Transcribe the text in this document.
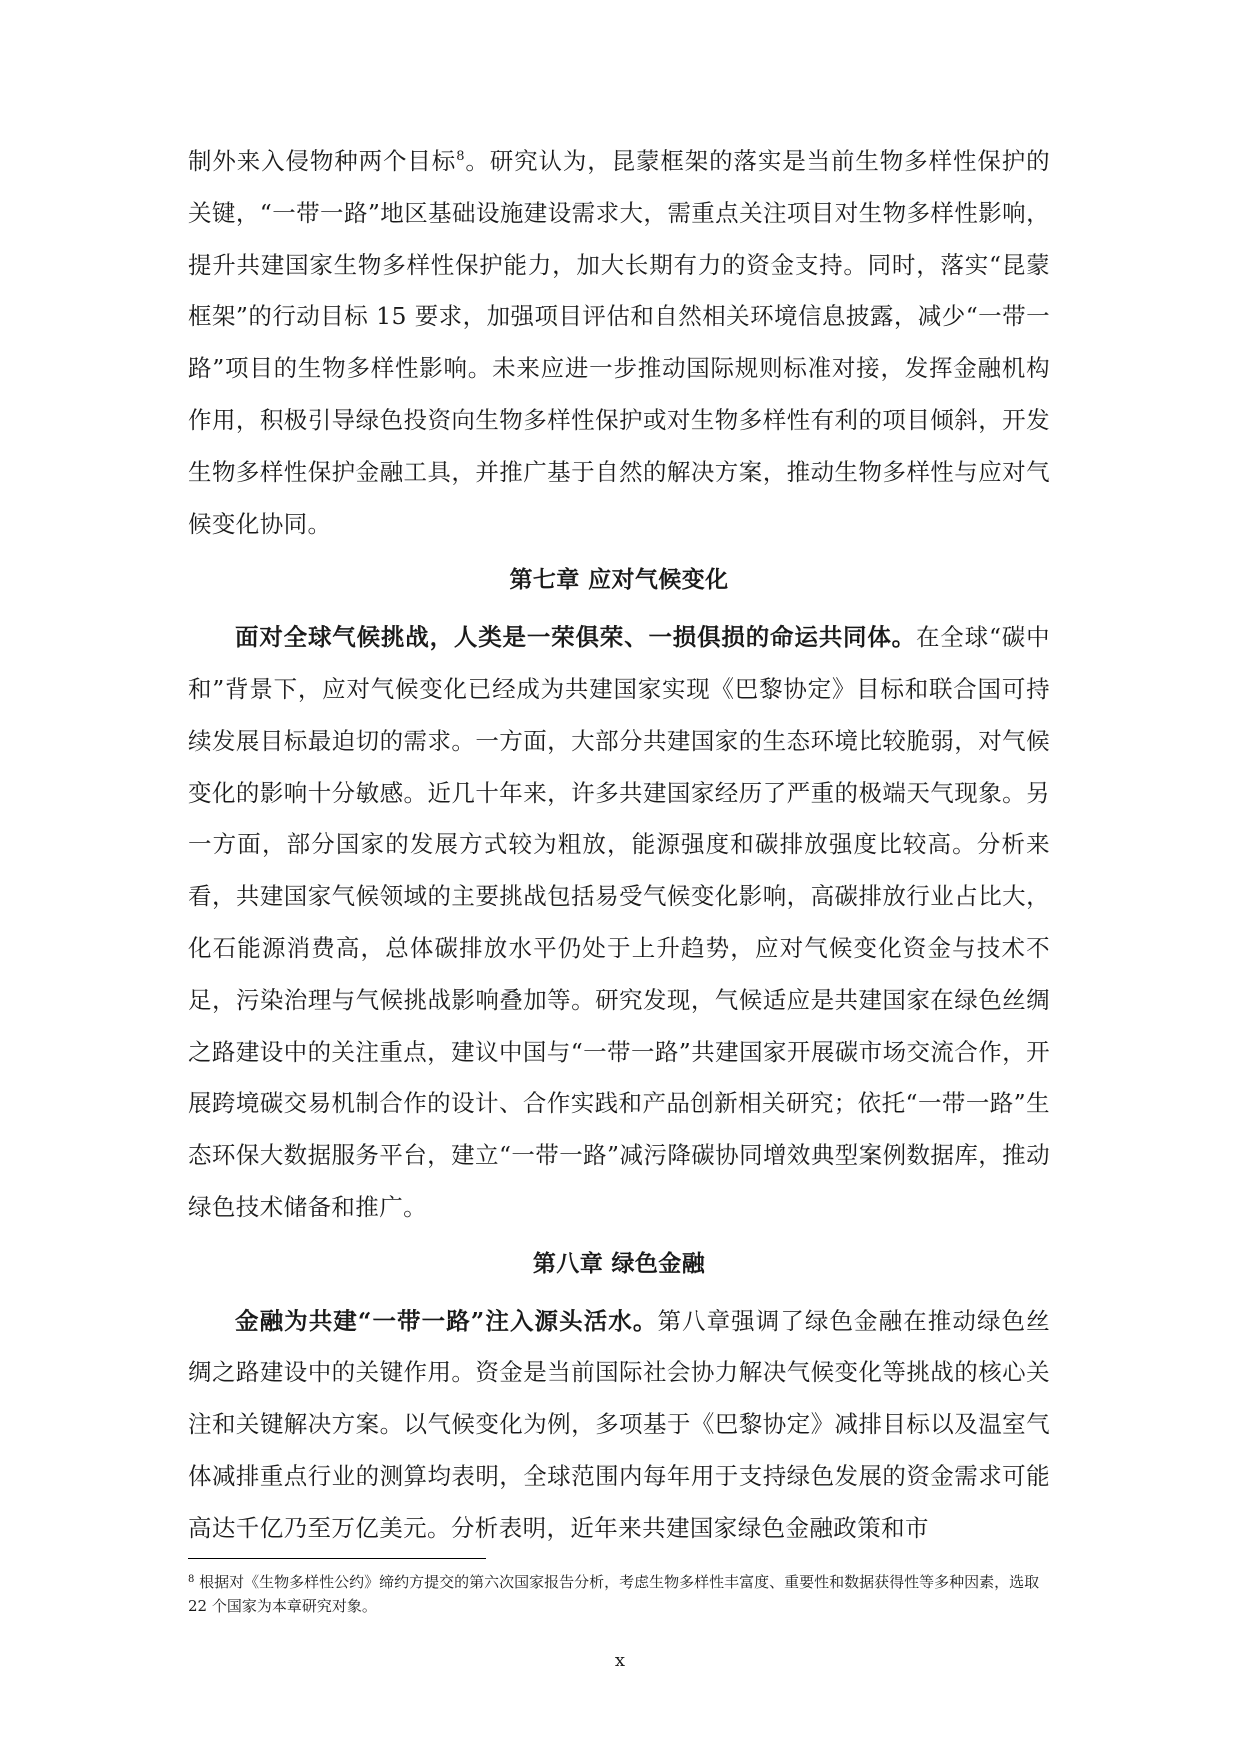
制外来入侵物种两个目标$^8$。研究认为，昆蒙框架的落实是当前生物多样性保护的关键，“一带一路”地区基础设施建设需求大，需重点关注项目对生物多样性影响，提升共建国家生物多样性保护能力，加大长期有力的资金支持。同时，落实“昆蒙框架”的行动目标 15 要求，加强项目评估和自然相关环境信息披露，减少“一带一路”项目的生物多样性影响。未来应进一步推动国际规则标准对接，发挥金融机构作用，积极引导绿色投资向生物多样性保护或对生物多样性有利的项目倾斜，开发生物多样性保护金融工具，并推广基于自然的解决方案，推动生物多样性与应对气候变化协同。

第七章 应对气候变化

面对全球气候挑战，人类是一荣俱荣、一损俱损的命运共同体。在全球“碳中和”背景下，应对气候变化已经成为共建国家实现《巴黎协定》目标和联合国可持续发展目标最迫切的需求。一方面，大部分共建国家的生态环境比较脆弱，对气候变化的影响十分敏感。近几十年来，许多共建国家经历了严重的极端天气现象。另一方面，部分国家的发展方式较为粗放，能源强度和碳排放强度比较高。分析来看，共建国家气候领域的主要挑战包括易受气候变化影响，高碳排放行业占比大，化石能源消费高，总体碳排放水平仍处于上升趋势，应对气候变化资金与技术不足，污染治理与气候挑战影响叠加等。研究发现，气候适应是共建国家在绿色丝绸之路建设中的关注重点，建议中国与“一带一路”共建国家开展碳市场交流合作，开展跨境碳交易机制合作的设计、合作实践和产品创新相关研究；依托“一带一路”生态环保大数据服务平台，建立“一带一路”减污降碳协同增效典型案例数据库，推动绿色技术储备和推广。

第八章 绿色金融

金融为共建“一带一路”注入源头活水。第八章强调了绿色金融在推动绿色丝绸之路建设中的关键作用。资金是当前国际社会协力解决气候变化等挑战的核心关注和关键解决方案。以气候变化为例，多项基于《巴黎协定》减排目标以及温室气体减排重点行业的测算均表明，全球范围内每年用于支持绿色发展的资金需求可能高达千亿乃至万亿美元。分析表明，近年来共建国家绿色金融政策和市

$^8$ 根据对《生物多样性公约》缔约方提交的第六次国家报告分析，考虑生物多样性丰富度、重要性和数据获得性等多种因素，选取 22 个国家为本章研究对象。
x
